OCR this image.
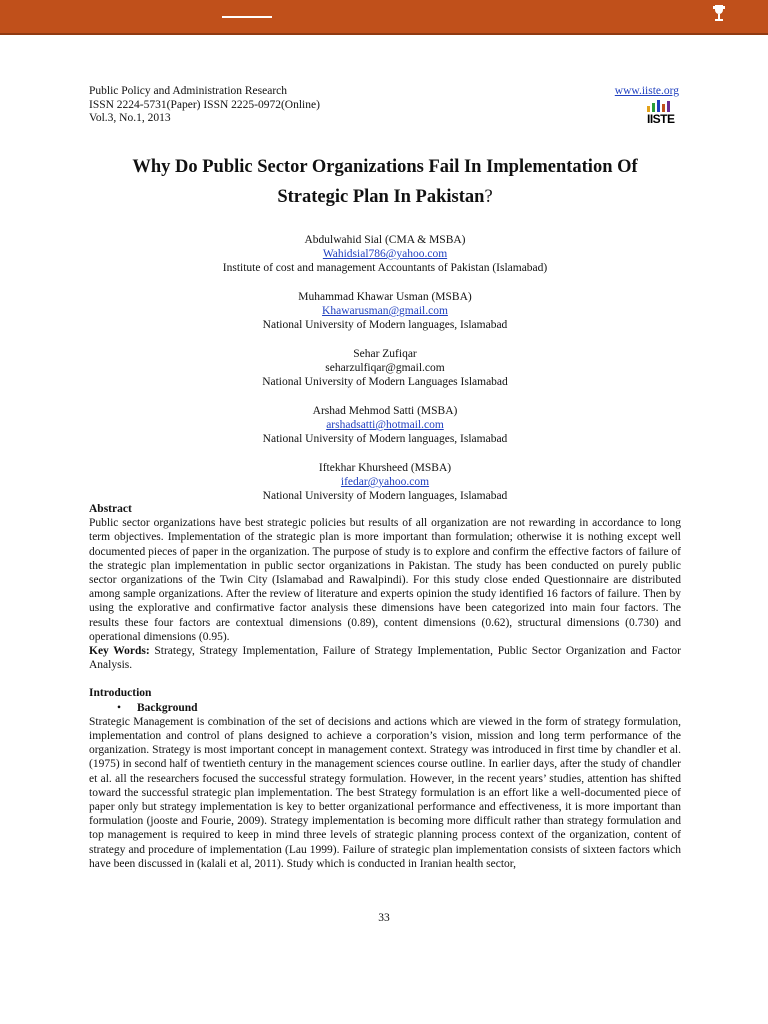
Public Policy and Administration Research
ISSN 2224-5731(Paper) ISSN 2225-0972(Online)
Vol.3, No.1, 2013
www.iiste.org
IISTE
Why Do Public Sector Organizations Fail In Implementation Of
Strategic Plan In Pakistan?
Abdulwahid Sial (CMA & MSBA)
Wahidsial786@yahoo.com
Institute of cost and management Accountants of Pakistan (Islamabad)
Muhammad Khawar Usman (MSBA)
Khawarusman@gmail.com
National University of Modern languages, Islamabad
Sehar Zufiqar
seharzulfiqar@gmail.com
National University of Modern Languages Islamabad
Arshad Mehmod Satti (MSBA)
arshadsatti@hotmail.com
National University of Modern languages, Islamabad
Iftekhar Khursheed (MSBA)
ifedar@yahoo.com
National University of Modern languages, Islamabad
Abstract

Public sector organizations have best strategic policies but results of all organization are not rewarding in accordance to long term objectives. Implementation of the strategic plan is more important than formulation; otherwise it is nothing except well documented pieces of paper in the organization. The purpose of study is to explore and confirm the effective factors of failure of the strategic plan implementation in public sector organizations in Pakistan. The study has been conducted on purely public sector organizations of the Twin City (Islamabad and Rawalpindi). For this study close ended Questionnaire are distributed among sample organizations. After the review of literature and experts opinion the study identified 16 factors of failure. Then by using the explorative and confirmative factor analysis these dimensions have been categorized into main four factors. The results these four factors are contextual dimensions (0.89), content dimensions (0.62), structural dimensions (0.730) and operational dimensions (0.95).

Key Words: Strategy, Strategy Implementation, Failure of Strategy Implementation, Public Sector Organization and Factor Analysis.

Introduction
• Background

Strategic Management is combination of the set of decisions and actions which are viewed in the form of strategy formulation, implementation and control of plans designed to achieve a corporation’s vision, mission and long term performance of the organization. Strategy is most important concept in management context. Strategy was introduced in first time by chandler et al. (1975) in second half of twentieth century in the management sciences course outline. In earlier days, after the study of chandler et al. all the researchers focused the successful strategy formulation. However, in the recent years’ studies, attention has shifted toward the successful strategic plan implementation. The best Strategy formulation is an effort like a well-documented piece of paper only but strategy implementation is key to better organizational performance and effectiveness, it is more important than formulation (jooste and Fourie, 2009). Strategy implementation is becoming more difficult rather than strategy formulation and top management is required to keep in mind three levels of strategic planning process context of the organization, content of strategy and procedure of implementation (Lau 1999). Failure of strategic plan implementation consists of sixteen factors which have been discussed in (kalali et al, 2011). Study which is conducted in Iranian health sector,

33
